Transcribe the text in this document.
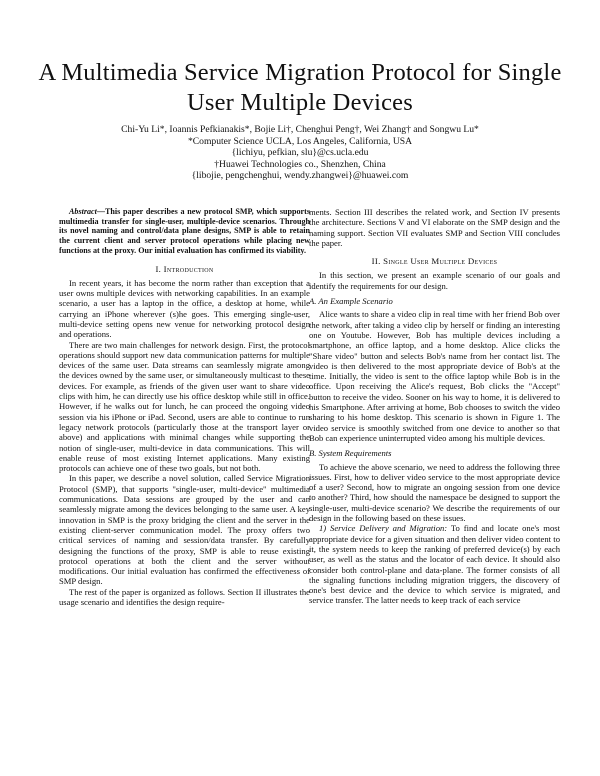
A Multimedia Service Migration Protocol for Single User Multiple Devices
Chi-Yu Li*, Ioannis Pefkianakis*, Bojie Li†, Chenghui Peng†, Wei Zhang† and Songwu Lu*
*Computer Science UCLA, Los Angeles, California, USA
{lichiyu, pefkian, slu}@cs.ucla.edu
†Huawei Technologies co., Shenzhen, China
{libojie, pengchenghui, wendy.zhangwei}@huawei.com

Abstract—This paper describes a new protocol SMP, which supports multimedia transfer for single-user, multiple-device scenarios. Through its novel naming and control/data plane designs, SMP is able to retain the current client and server protocol operations while placing new functions at the proxy. Our initial evaluation has confirmed its viability.

I. Introduction

In recent years, it has become the norm rather than exception that a user owns multiple devices with networking capabilities. In an example scenario, a user has a laptop in the office, a desktop at home, while carrying an iPhone wherever (s)he goes. This emerging single-user, multi-device setting opens new venue for networking protocol design and operations.

There are two main challenges for network design. First, the protocol operations should support new data communication patterns for multiple devices of the same user. Data streams can seamlessly migrate among the devices owned by the same user, or simultaneously multicast to these devices. For example, as friends of the given user want to share video clips with him, he can directly use his office desktop while still in office. However, if he walks out for lunch, he can proceed the ongoing video session via his iPhone or iPad. Second, users are able to continue to run legacy network protocols (particularly those at the transport layer or above) and applications with minimal changes while supporting the notion of single-user, multi-device in data communications. This will enable reuse of most existing Internet applications. Many existing protocols can achieve one of these two goals, but not both.

In this paper, we describe a novel solution, called Service Migration Protocol (SMP), that supports "single-user, multi-device" multimedia communications. Data sessions are grouped by the user and can seamlessly migrate among the devices belonging to the same user. A key innovation in SMP is the proxy bridging the client and the server in the existing client-server communication model. The proxy offers two critical services of naming and session/data transfer. By carefully designing the functions of the proxy, SMP is able to reuse existing protocol operations at both the client and the server without modifications. Our initial evaluation has confirmed the effectiveness of SMP design.

The rest of the paper is organized as follows. Section II illustrates the usage scenario and identifies the design require-

ments. Section III describes the related work, and Section IV presents the architecture. Sections V and VI elaborate on the SMP design and the naming support. Section VII evaluates SMP and Section VIII concludes the paper.

II. Single User Multiple Devices

In this section, we present an example scenario of our goals and identify the requirements for our design.

A. An Example Scenario

Alice wants to share a video clip in real time with her friend Bob over the network, after taking a video clip by herself or finding an interesting one on Youtube. However, Bob has multiple devices including a smartphone, an office laptop, and a home desktop. Alice clicks the "Share video" button and selects Bob's name from her contact list. The video is then delivered to the most appropriate device of Bob's at the time. Initially, the video is sent to the office laptop while Bob is in the office. Upon receiving the Alice's request, Bob clicks the "Accept" button to receive the video. Sooner on his way to home, it is delivered to his Smartphone. After arriving at home, Bob chooses to switch the video sharing to his home desktop. This scenario is shown in Figure 1. The video service is smoothly switched from one device to another so that Bob can experience uninterrupted video among his multiple devices.

B. System Requirements

To achieve the above scenario, we need to address the following three issues. First, how to deliver video service to the most appropriate device of a user? Second, how to migrate an ongoing session from one device to another? Third, how should the namespace be designed to support the single-user, multi-device scenario? We describe the requirements of our design in the following based on these issues.

1) Service Delivery and Migration: To find and locate one's most appropriate device for a given situation and then deliver video content to it, the system needs to keep the ranking of preferred device(s) by each user, as well as the status and the locator of each device. It should also consider both control-plane and data-plane. The former consists of all the signaling functions including migration triggers, the discovery of one's best device and the device to which service is migrated, and service transfer. The latter needs to keep track of each service
